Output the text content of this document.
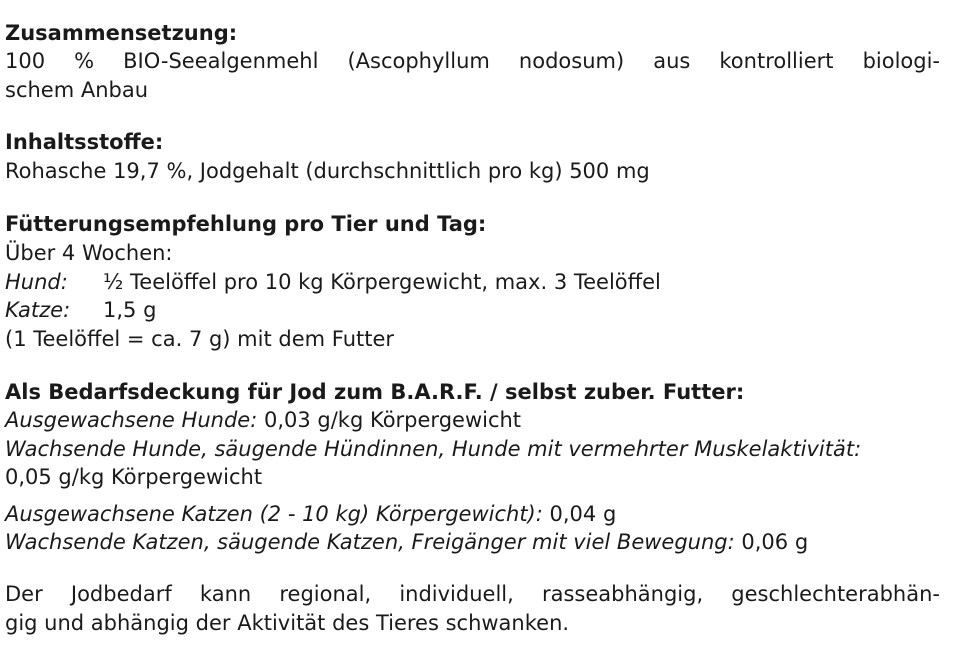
Zusammensetzung:
100 % BIO-Seealgenmehl (Ascophyllum nodosum) aus kontrolliert biologi-
schem Anbau
Inhaltsstoffe:
Rohasche 19,7 %, Jodgehalt (durchschnittlich pro kg) 500 mg
Fütterungsempfehlung pro Tier und Tag:
Über 4 Wochen:
Hund: ½ Teelöffel pro 10 kg Körpergewicht, max. 3 Teelöffel
Katze: 1,5 g
(1 Teelöffel = ca. 7 g) mit dem Futter
Als Bedarfsdeckung für Jod zum B.A.R.F. / selbst zuber. Futter:
Ausgewachsene Hunde: 0,03 g/kg Körpergewicht
Wachsende Hunde, säugende Hündinnen, Hunde mit vermehrter Muskelaktivität:
0,05 g/kg Körpergewicht
Ausgewachsene Katzen (2 - 10 kg) Körpergewicht): 0,04 g
Wachsende Katzen, säugende Katzen, Freigänger mit viel Bewegung: 0,06 g
Der Jodbedarf kann regional, individuell, rasseabhängig, geschlechterabhän-
gig und abhängig der Aktivität des Tieres schwanken.
